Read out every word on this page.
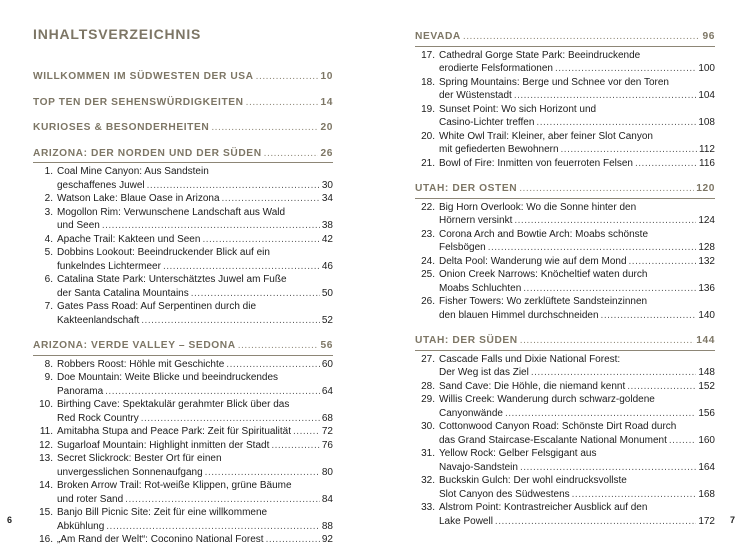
INHALTSVERZEICHNIS
WILLKOMMEN IM SÜDWESTEN DER USA .....	10
TOP TEN DER SEHENSWÜRDIGKEITEN .....	14
KURIOSES & BESONDERHEITEN .....	20
ARIZONA: DER NORDEN UND DER SÜDEN .....	26
1. Coal Mine Canyon: Aus Sandstein
geschaffenes Juwel .....	30
2. Watson Lake: Blaue Oase in Arizona .....	34
3. Mogollon Rim: Verwunschene Landschaft aus Wald
und Seen .....	38
4. Apache Trail: Kakteen und Seen .....	42
5. Dobbins Lookout: Beeindruckender Blick auf ein
funkelndes Lichtermeer .....	46
6. Catalina State Park: Unterschätztes Juwel am Fuße
der Santa Catalina Mountains .....	50
7. Gates Pass Road: Auf Serpentinen durch die
Kakteenlandschaft .....	52
ARIZONA: VERDE VALLEY – SEDONA .....	56
8. Robbers Roost: Höhle mit Geschichte .....	60
9. Doe Mountain: Weite Blicke und beeindruckendes
Panorama .....	64
10. Birthing Cave: Spektakulär gerahmter Blick über das
Red Rock Country .....	68
11. Amitabha Stupa and Peace Park: Zeit für Spiritualität .....	72
12. Sugarloaf Mountain: Highlight inmitten der Stadt .....	76
13. Secret Slickrock: Bester Ort für einen
unvergesslichen Sonnenaufgang .....	80
14. Broken Arrow Trail: Rot-weiße Klippen, grüne Bäume
und roter Sand .....	84
15. Banjo Bill Picnic Site: Zeit für eine willkommene
Abkühlung .....	88
16. „Am Rand der Welt“: Coconino National Forest .....	92
6
NEVADA .....	96
17. Cathedral Gorge State Park: Beeindruckende
erodierte Felsformationen .....	100
18. Spring Mountains: Berge und Schnee vor den Toren
der Wüstenstadt .....	104
19. Sunset Point: Wo sich Horizont und
Casino-Lichter treffen .....	108
20. White Owl Trail: Kleiner, aber feiner Slot Canyon
mit gefiederten Bewohnern .....	112
21. Bowl of Fire: Inmitten von feuerroten Felsen .....	116
UTAH: DER OSTEN .....	120
22. Big Horn Overlook: Wo die Sonne hinter den
Hörnern versinkt .....	124
23. Corona Arch and Bowtie Arch: Moabs schönste
Felsbögen .....	128
24. Delta Pool: Wanderung wie auf dem Mond .....	132
25. Onion Creek Narrows: Knöcheltief waten durch
Moabs Schluchten .....	136
26. Fisher Towers: Wo zerklüftete Sandsteinzinnen
den blauen Himmel durchschneiden .....	140
UTAH: DER SÜDEN .....	144
27. Cascade Falls und Dixie National Forest:
Der Weg ist das Ziel .....	148
28. Sand Cave: Die Höhle, die niemand kennt .....	152
29. Willis Creek: Wanderung durch schwarz-goldene
Canyonwände .....	156
30. Cottonwood Canyon Road: Schönste Dirt Road durch
das Grand Staircase-Escalante National Monument .....	160
31. Yellow Rock: Gelber Felsgigant aus
Navajo-Sandstein .....	164
32. Buckskin Gulch: Der wohl eindrucksvollste
Slot Canyon des Südwestens .....	168
33. Alstrom Point: Kontrastreicher Ausblick auf den
Lake Powell .....	172 7
